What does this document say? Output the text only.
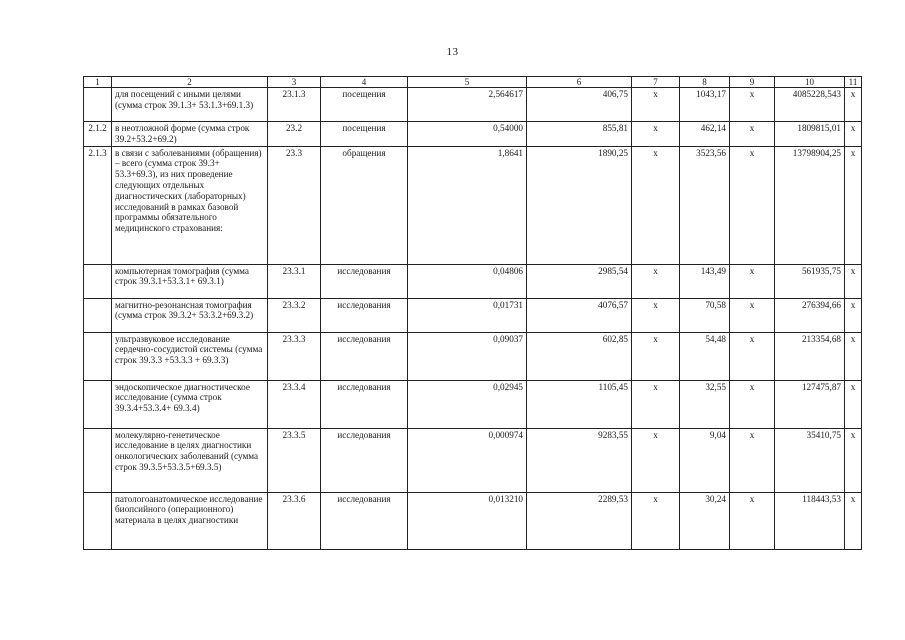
13
1	2	3	4	5	6	7	8	9	10	11
	для посещений с иными целями (сумма строк 39.1.3+ 53.1.3+69.1.3)	23.1.3	посещения	2,564617	406,75	х	1043,17	х	4085228,543	х
2.1.2	в неотложной форме (сумма строк 39.2+53.2+69.2)	23.2	посещения	0,54000	855,81	х	462,14	х	1809815,01	х
2.1.3	в связи с заболеваниями (обращения) – всего (сумма строк 39.3+ 53.3+69.3), из них проведение следующих отдельных диагностических (лабораторных) исследований в рамках базовой программы обязательного медицинского страхования:	23.3	обращения	1,8641	1890,25	х	3523,56	х	13798904,25	х
	компьютерная томография (сумма строк 39.3.1+53.3.1+ 69.3.1)	23.3.1	исследования	0,04806	2985,54	х	143,49	х	561935,75	х
	магнитно-резонансная томография (сумма строк 39.3.2+ 53.3.2+69.3.2)	23.3.2	исследования	0,01731	4076,57	х	70,58	х	276394,66	х
	ультразвуковое исследование сердечно-сосудистой системы (сумма строк 39.3.3 +53.3.3 + 69.3.3)	23.3.3	исследования	0,09037	602,85	х	54,48	х	213354,68	х
	эндоскопическое диагностическое исследование (сумма строк 39.3.4+53.3.4+ 69.3.4)	23.3.4	исследования	0,02945	1105,45	х	32,55	х	127475,87	х
	молекулярно-генетическое исследование в целях диагностики онкологических заболеваний (сумма строк 39.3.5+53.3.5+69.3.5)	23.3.5	исследования	0,000974	9283,55	х	9,04	х	35410,75	х
	патологоанатомическое исследование биопсийного (операционного) материала в целях диагностики	23.3.6	исследования	0,013210	2289,53	х	30,24	х	118443,53	х
